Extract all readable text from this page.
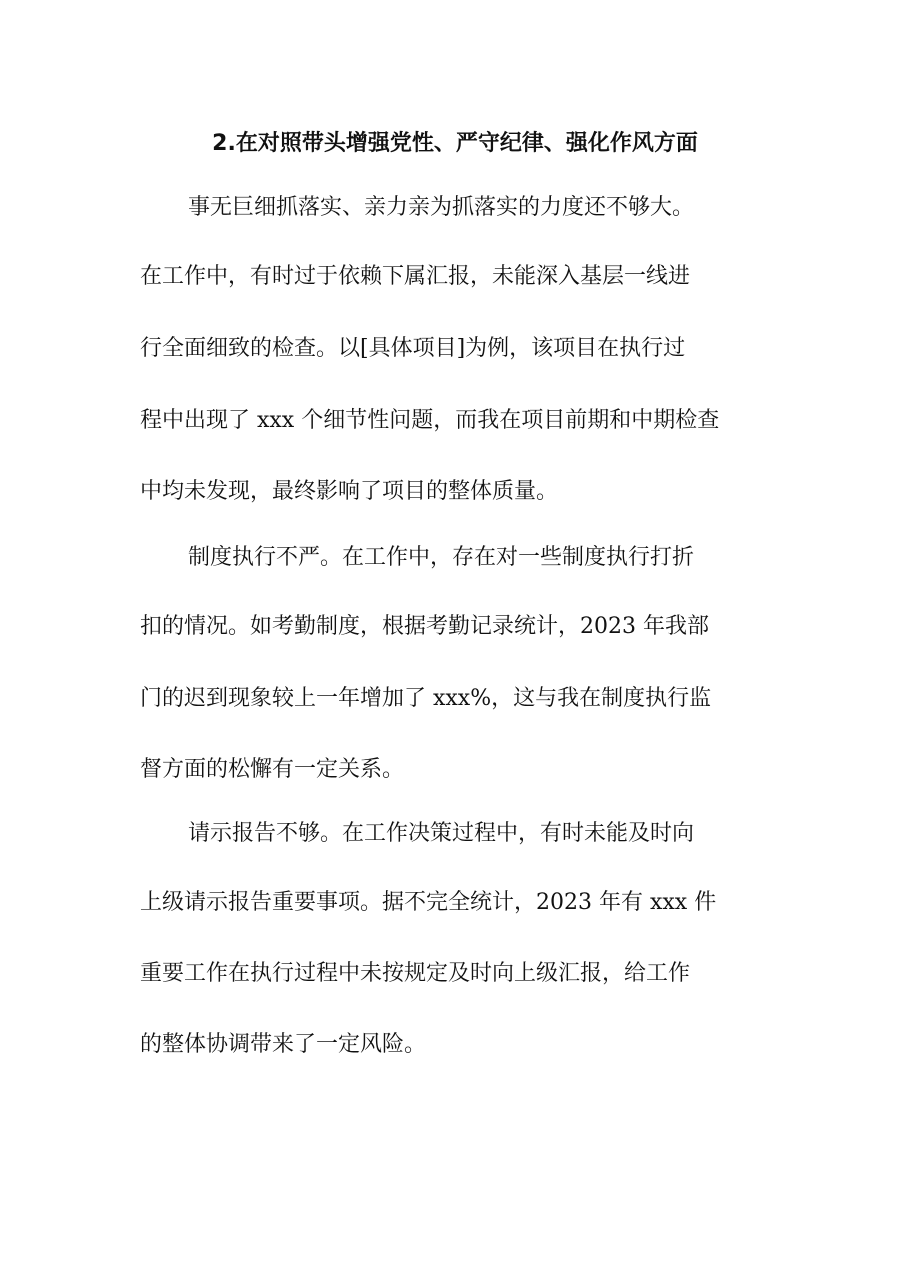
2.在对照带头增强党性、严守纪律、强化作风方面

事无巨细抓落实、亲力亲为抓落实的力度还不够大。

在工作中，有时过于依赖下属汇报，未能深入基层一线进

行全面细致的检查。以[具体项目]为例，该项目在执行过

程中出现了 xxx 个细节性问题，而我在项目前期和中期检查

中均未发现，最终影响了项目的整体质量。

制度执行不严。在工作中，存在对一些制度执行打折

扣的情况。如考勤制度，根据考勤记录统计，2023 年我部

门的迟到现象较上一年增加了 xxx%，这与我在制度执行监

督方面的松懈有一定关系。

请示报告不够。在工作决策过程中，有时未能及时向

上级请示报告重要事项。据不完全统计，2023 年有 xxx 件

重要工作在执行过程中未按规定及时向上级汇报，给工作

的整体协调带来了一定风险。
